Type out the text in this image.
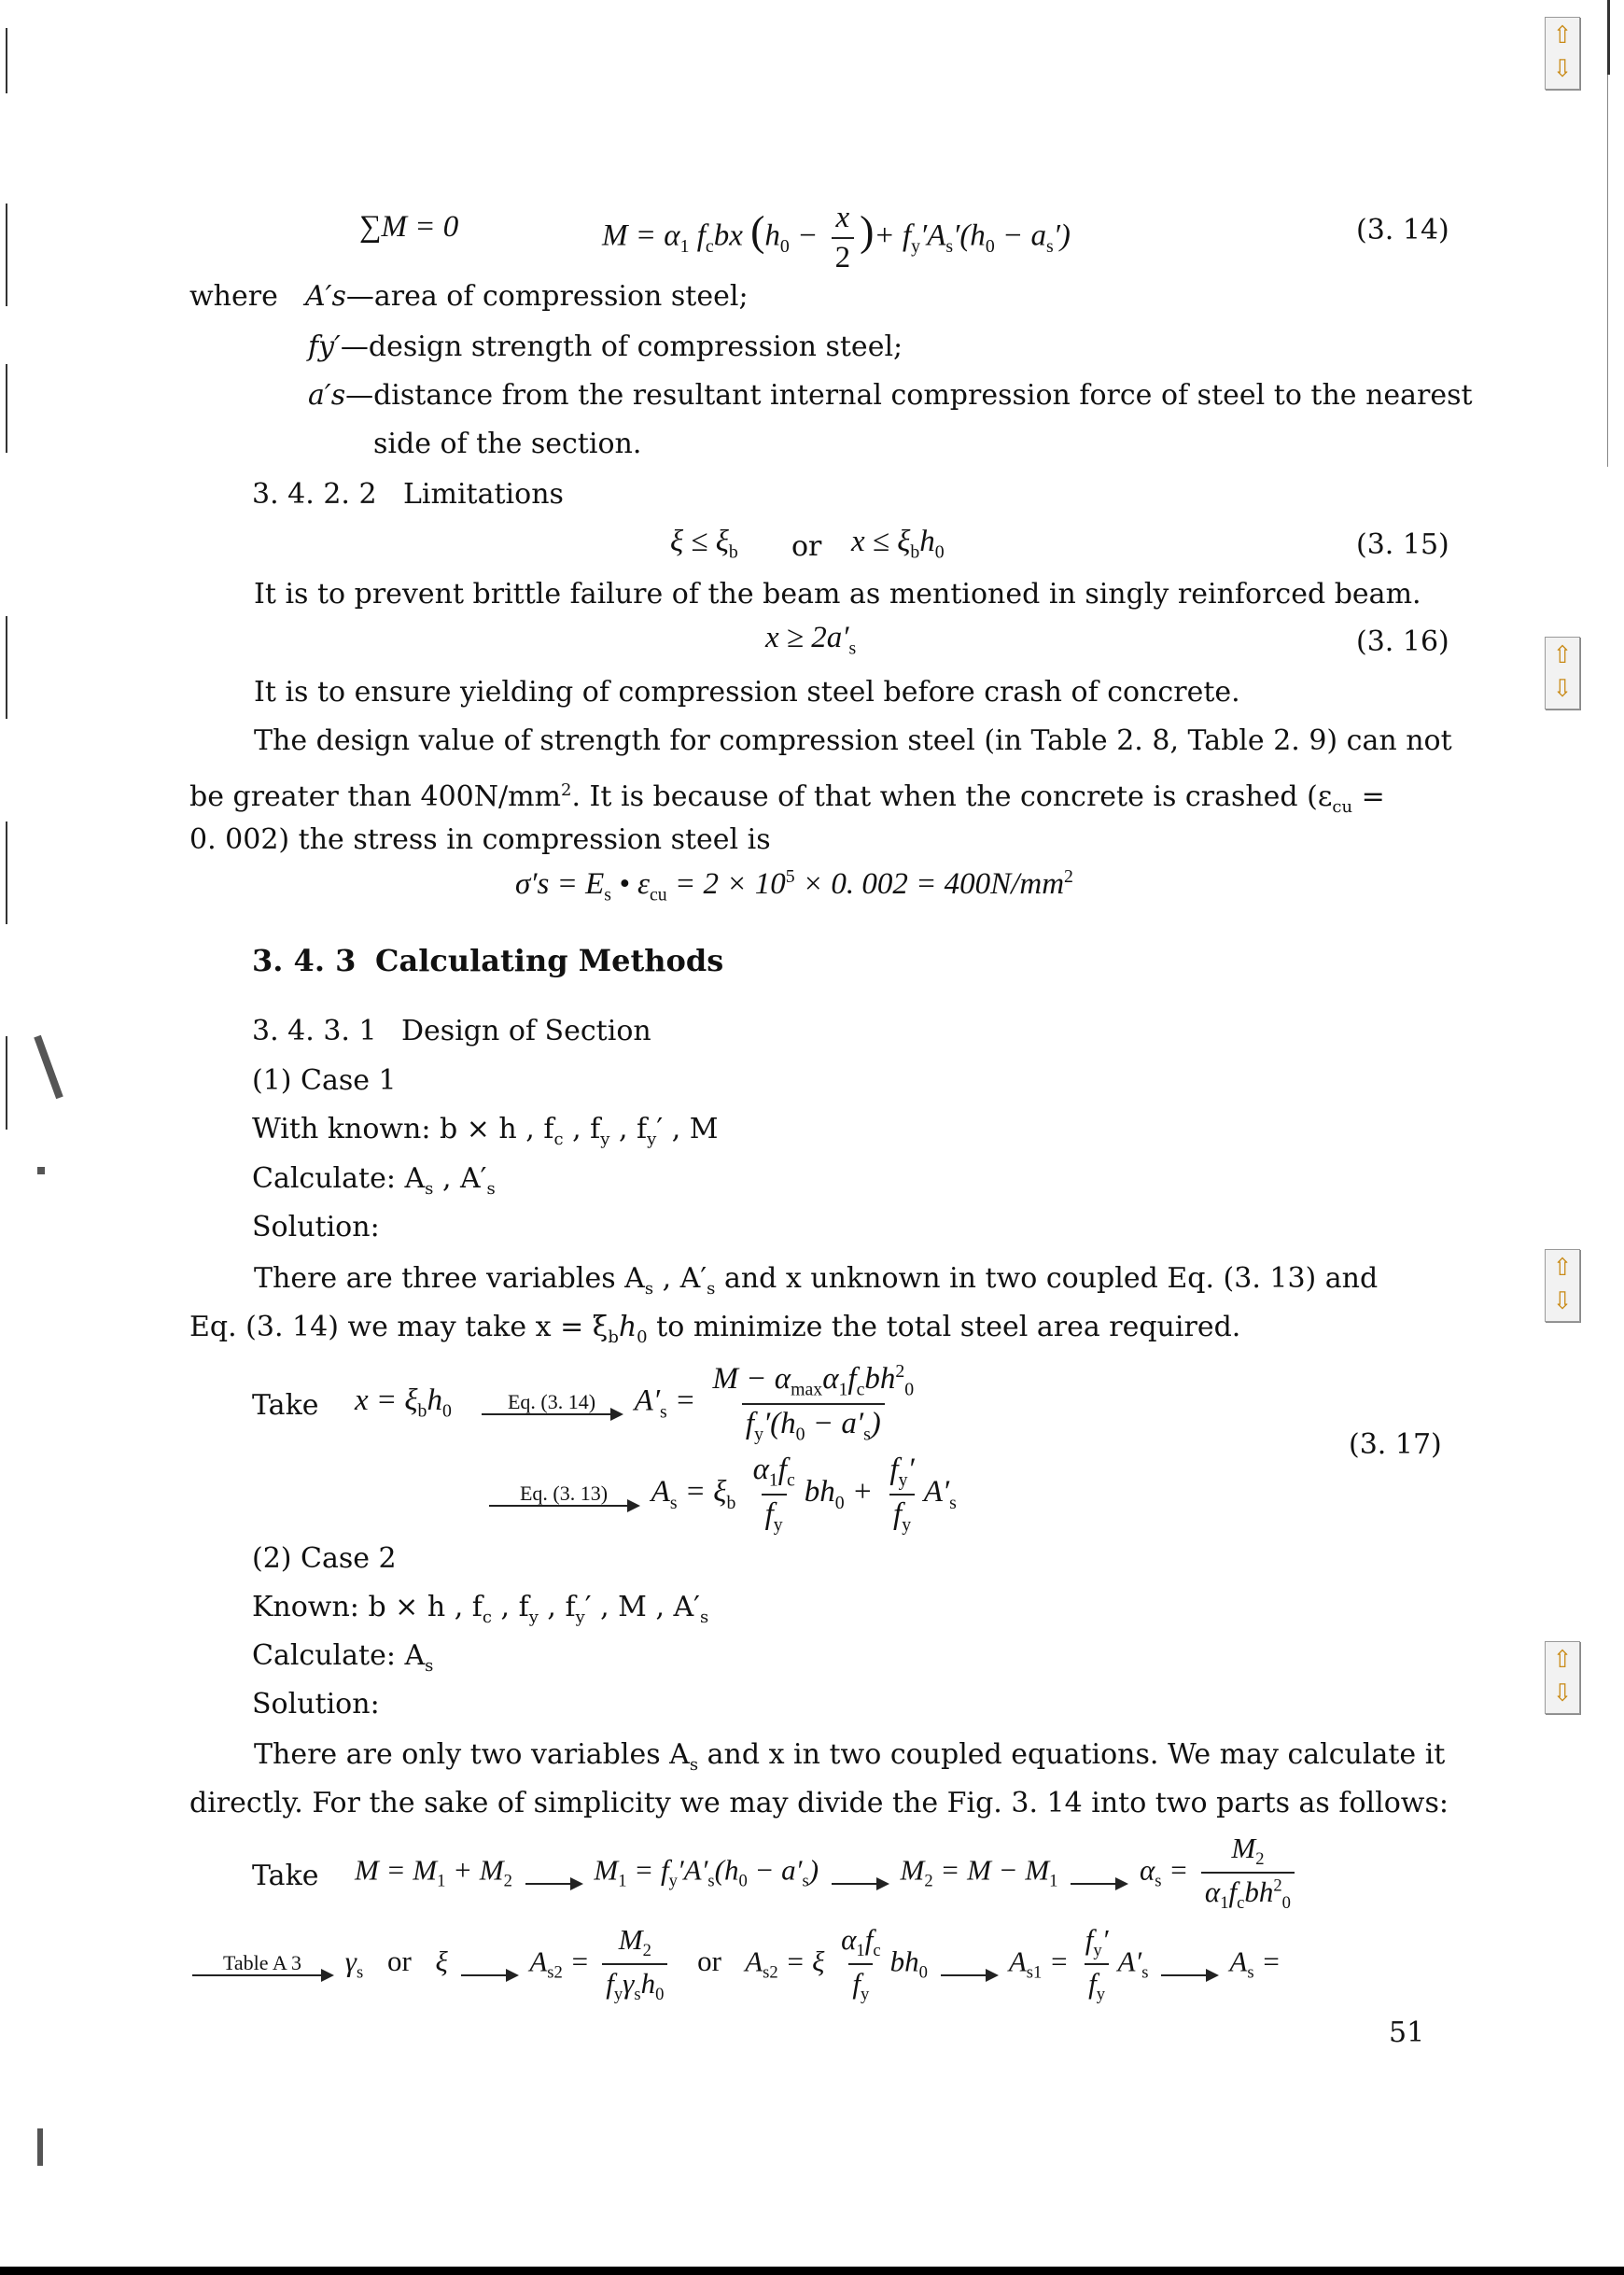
∑M = 0	$M = \alpha_1$ $f_cbx$ ($h_0 - \frac{x}{2}$ )+ $f_y'A_s'(h_0 - a_s')$	(3. 14)
where A′s—area of compression steel;
fy′—design strength of compression steel;
a′s—distance from the resultant internal compression force of steel to the nearest
side of the section.
3. 4. 2. 2 Limitations
$\xi \le \xi_b$ or $x \le \xi_bh_0$	(3. 15)
It is to prevent brittle failure of the beam as mentioned in singly reinforced beam.
$x \ge 2a'_s$	(3. 16)
It is to ensure yielding of compression steel before crash of concrete.
The design value of strength for compression steel (in Table 2. 8, Table 2. 9) can not
be greater than $400N/mm^2$. It is because of that when the concrete is crashed ($\varepsilon_{cu}$ =
0. 002) the stress in compression steel is
$\sigma's = E_s$ • $\varepsilon_{cu} = 2 \times 10^5 \times 0$. $002 = 400N/mm^2$
3. 4. 3 Calculating Methods
3. 4. 3. 1 Design of Section
(1) Case 1
With known: b × h , $f_c$ , $f_y$ , $f_y'$ , M
Calculate: $A_s$ , $A'_s$
Solution:
There are three variables $A_s$ , $A'_s$ and x unknown in two coupled Eq. (3. 13) and
Eq. (3. 14) we may take $x = \xi_bh_0$ to minimize the total steel area required.
Take $x = \xi_bh_0$	Eq. (3. 14) $A'_s = \frac{M - \alpha_{max}\alpha_1f_cbh^2_0}{f_y'(h_0 - a'_s)}$
Eq. (3. 13) $A_s = \xi_b \frac{\alpha_1f_c}{f_y} bh_0 + \frac{f_y'}{f_y} A'_s$
(3. 17)
(2) Case 2
Known: b × h , $f_c$ , $f_y$ , $f_y'$ , M , $A'_s$
Calculate: $A_s$
Solution:
There are only two variables $A_s$ and x in two coupled equations. We may calculate it
directly. For the sake of simplicity we may divide the Fig. 3. 14 into two parts as follows:
Take $M = M_1 + M_2$
	$M_1 = f_y'A'_s(h_0 - a'_s)$
	$M_2 = M - M_1$
	$\alpha_s = \frac{M_2}{\alpha_1f_cbh^2_0}$
Table A 3 $\gamma_s$ or ξ
	$A_{s2} = \frac{M_2}{f_y\gamma_sh_0}$ or $A_{s2} = \xi \frac{\alpha_1f_c}{f_y} bh_0$
	$A_{s1} = \frac{f_y'}{f_y} A'_s$
	$A_s$ =
51
⇧
⇩
⇧
⇩
⇧
⇩
⇧
⇩
